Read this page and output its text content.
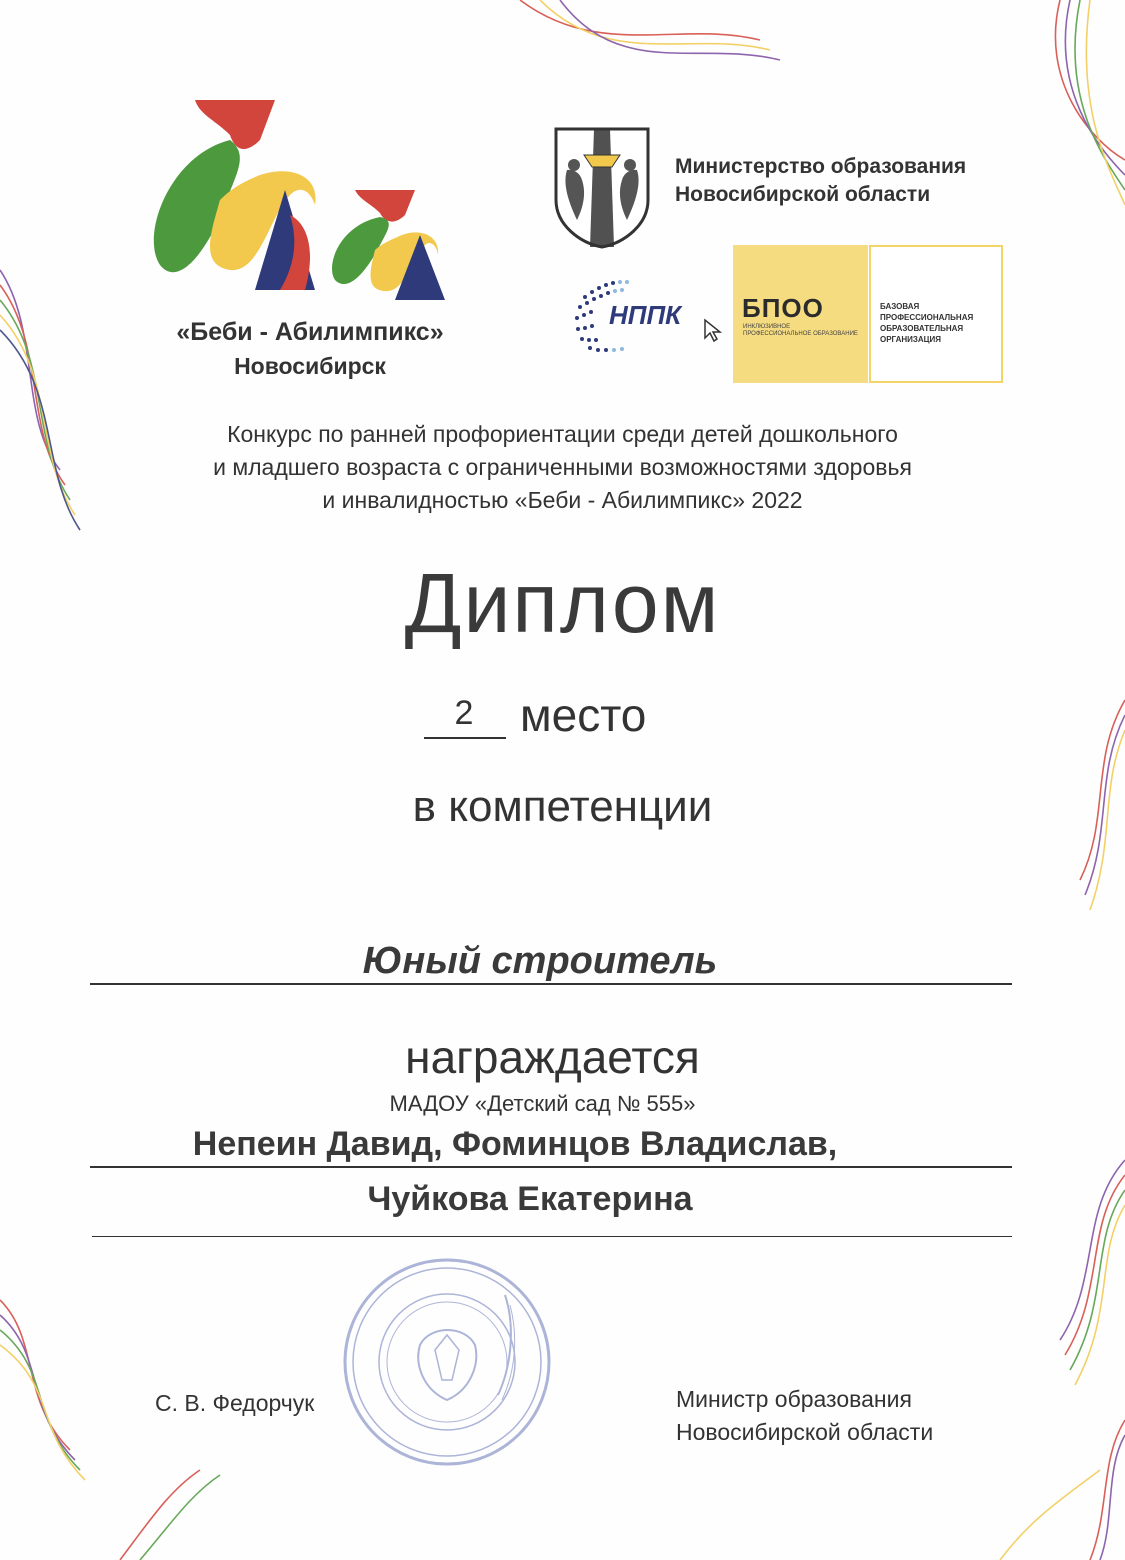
«Беби - Абилимпикс»
Новосибирск
Министерство образования
Новосибирской области
НППК БПОО
ИНКЛЮЗИВНОЕ ПРОФЕССИОНАЛЬНОЕ ОБРАЗОВАНИЕ
БАЗОВАЯ ПРОФЕССИОНАЛЬНАЯ ОБРАЗОВАТЕЛЬНАЯ ОРГАНИЗАЦИЯ
Конкурс по ранней профориентации среди детей дошкольного
и младшего возраста с ограниченными возможностями здоровья
и инвалидностью «Беби - Абилимпикс» 2022
Диплом
2	место
в компетенции
Юный строитель
награждается
МАДОУ «Детский сад № 555»
Непеин Давид, Фоминцов Владислав,
Чуйкова Екатерина
С. В. Федорчук	Министр образования
Новосибирской области
